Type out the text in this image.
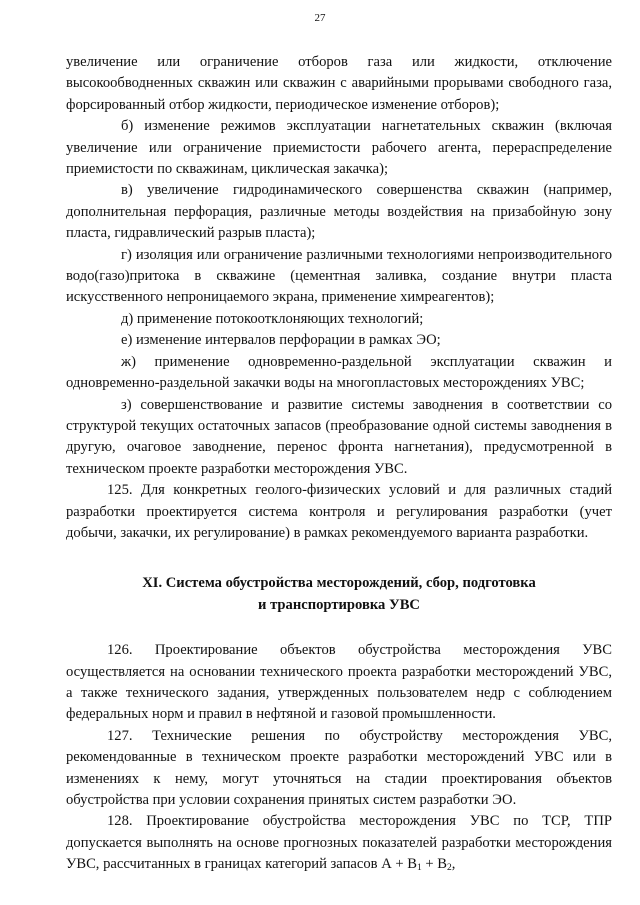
27

увеличение или ограничение отборов газа или жидкости, отключение высокообводненных скважин или скважин с аварийными прорывами свободного газа, форсированный отбор жидкости, периодическое изменение отборов);

б) изменение режимов эксплуатации нагнетательных скважин (включая увеличение или ограничение приемистости рабочего агента, перераспределение приемистости по скважинам, циклическая закачка);

в) увеличение гидродинамического совершенства скважин (например, дополнительная перфорация, различные методы воздействия на призабойную зону пласта, гидравлический разрыв пласта);

г) изоляция или ограничение различными технологиями непроизводительного водо(газо)притока в скважине (цементная заливка, создание внутри пласта искусственного непроницаемого экрана, применение химреагентов);

д) применение потокоотклоняющих технологий;

е) изменение интервалов перфорации в рамках ЭО;

ж) применение одновременно-раздельной эксплуатации скважин и одновременно-раздельной закачки воды на многопластовых месторождениях УВС;

з) совершенствование и развитие системы заводнения в соответствии со структурой текущих остаточных запасов (преобразование одной системы заводнения в другую, очаговое заводнение, перенос фронта нагнетания), предусмотренной в техническом проекте разработки месторождения УВС.

125. Для конкретных геолого-физических условий и для различных стадий разработки проектируется система контроля и регулирования разработки (учет добычи, закачки, их регулирование) в рамках рекомендуемого варианта разработки.

XI. Система обустройства месторождений, сбор, подготовка
и транспортировка УВС

126. Проектирование объектов обустройства месторождения УВС осуществляется на основании технического проекта разработки месторождений УВС, а также технического задания, утвержденных пользователем недр с соблюдением федеральных норм и правил в нефтяной и газовой промышленности.

127. Технические решения по обустройству месторождения УВС, рекомендованные в техническом проекте разработки месторождений УВС или в изменениях к нему, могут уточняться на стадии проектирования объектов обустройства при условии сохранения принятых систем разработки ЭО.

128. Проектирование обустройства месторождения УВС по ТСР, ТПР допускается выполнять на основе прогнозных показателей разработки месторождения УВС, рассчитанных в границах категорий запасов $А + В_1 + В_2$,
